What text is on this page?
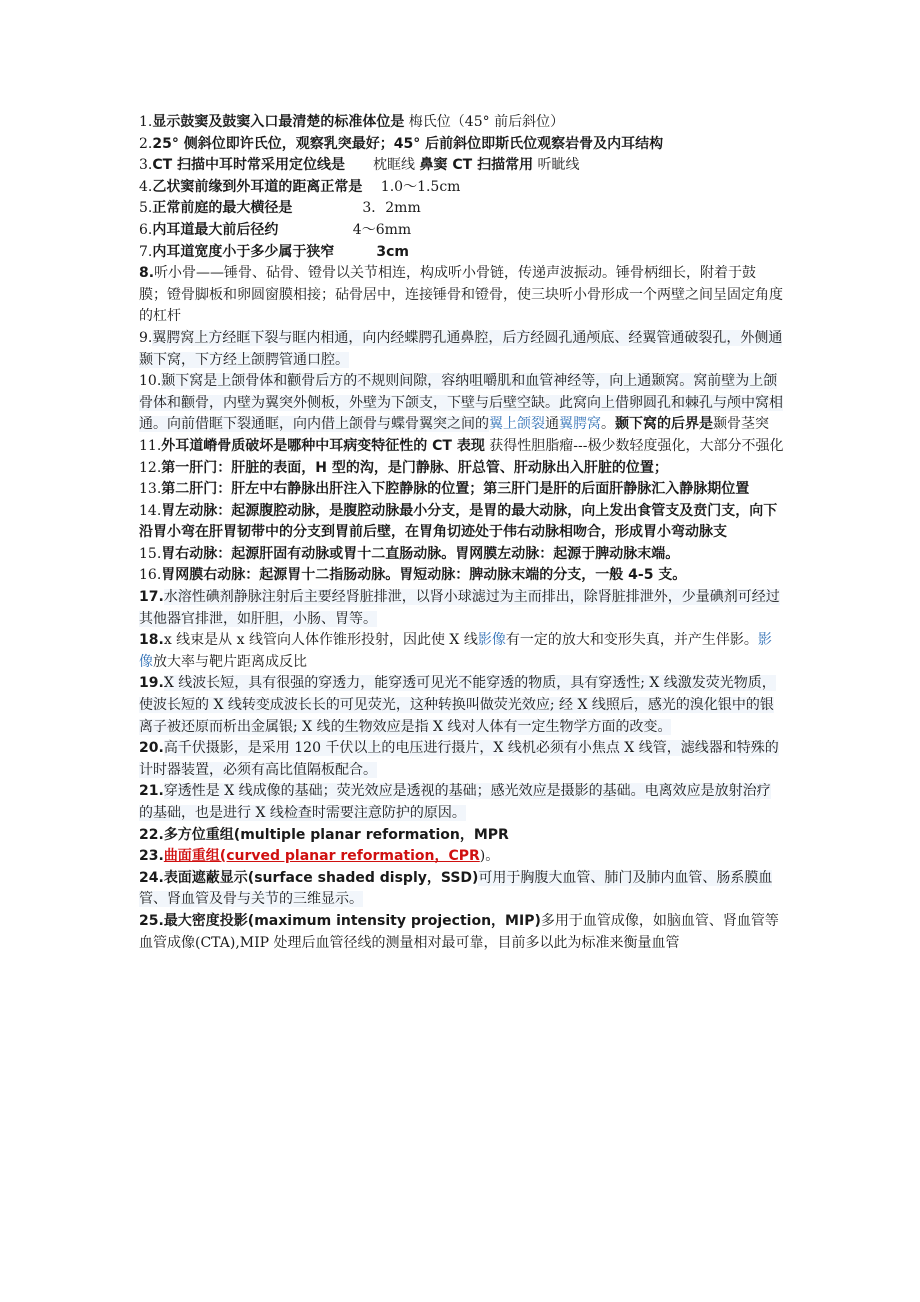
1.显示鼓窦及鼓窦入口最清楚的标准体位是 梅氏位（45° 前后斜位）

2.25° 侧斜位即许氏位，观察乳突最好；45° 后前斜位即斯氏位观察岩骨及内耳结构

3.CT 扫描中耳时常采用定位线是　　枕眶线 鼻窦 CT 扫描常用 听眦线

4.乙状窦前缘到外耳道的距离正常是　 1.0～1.5cm

5.正常前庭的最大横径是　　　　　3．2mm

6.内耳道最大前后径约　　　　　 4～6mm

7.内耳道宽度小于多少属于狭窄　　　3cm

8.听小骨——锤骨、砧骨、镫骨以关节相连，构成听小骨链，传递声波振动。锤骨柄细长，附着于鼓膜；镫骨脚板和卵圆窗膜相接；砧骨居中，连接锤骨和镫骨，使三块听小骨形成一个两壁之间呈固定角度的杠杆

9.翼腭窝上方经眶下裂与眶内相通，向内经蝶腭孔通鼻腔，后方经圆孔通颅底、经翼管通破裂孔，外侧通颞下窝，下方经上颌腭管通口腔。

10.颞下窝是上颌骨体和颧骨后方的不规则间隙，容纳咀嚼肌和血管神经等，向上通颞窝。窝前壁为上颌骨体和颧骨，内壁为翼突外侧板，外壁为下颌支，下壁与后壁空缺。此窝向上借卵圆孔和棘孔与颅中窝相通。向前借眶下裂通眶，向内借上颌骨与蝶骨翼突之间的翼上颌裂通翼腭窝。颞下窝的后界是颞骨茎突

11.外耳道嵴骨质破坏是哪种中耳病变特征性的 CT 表现 获得性胆脂瘤---极少数轻度强化，大部分不强化

12.第一肝门：肝脏的表面，H 型的沟，是门静脉、肝总管、肝动脉出入肝脏的位置；

13.第二肝门：肝左中右静脉出肝注入下腔静脉的位置；第三肝门是肝的后面肝静脉汇入静脉期位置

14.胃左动脉：起源腹腔动脉，是腹腔动脉最小分支，是胃的最大动脉，向上发出食管支及贲门支，向下沿胃小弯在肝胃韧带中的分支到胃前后壁，在胃角切迹处于伟右动脉相吻合，形成胃小弯动脉支

15.胃右动脉：起源肝固有动脉或胃十二直肠动脉。胃网膜左动脉：起源于脾动脉末端。

16.胃网膜右动脉：起源胃十二指肠动脉。胃短动脉：脾动脉末端的分支，一般 4-5 支。

17.水溶性碘剂静脉注射后主要经肾脏排泄，以肾小球滤过为主而排出，除肾脏排泄外，少量碘剂可经过其他器官排泄，如肝胆，小肠、胃等。

18.x 线束是从 x 线管向人体作锥形投射，因此使 X 线影像有一定的放大和变形失真，并产生伴影。影像放大率与靶片距离成反比

19.X 线波长短，具有很强的穿透力，能穿透可见光不能穿透的物质，具有穿透性; X 线激发荧光物质，使波长短的 X 线转变成波长长的可见荧光，这种转换叫做荧光效应; 经 X 线照后，感光的溴化银中的银离子被还原而析出金属银; X 线的生物效应是指 X 线对人体有一定生物学方面的改变。

20.高千伏摄影，是采用 120 千伏以上的电压进行摄片，X 线机必须有小焦点 X 线管，滤线器和特殊的计时器装置，必须有高比值隔板配合。

21.穿透性是 X 线成像的基础；荧光效应是透视的基础；感光效应是摄影的基础。电离效应是放射治疗的基础，也是进行 X 线检查时需要注意防护的原因。

22.多方位重组(multiple planar reformation，MPR

23.曲面重组(curved planar reformation，CPR)。

24.表面遮蔽显示(surface shaded disply，SSD)可用于胸腹大血管、肺门及肺内血管、肠系膜血管、肾血管及骨与关节的三维显示。

25.最大密度投影(maximum intensity projection，MIP)多用于血管成像，如脑血管、肾血管等血管成像(CTA),MIP 处理后血管径线的测量相对最可靠，目前多以此为标准来衡量血管
